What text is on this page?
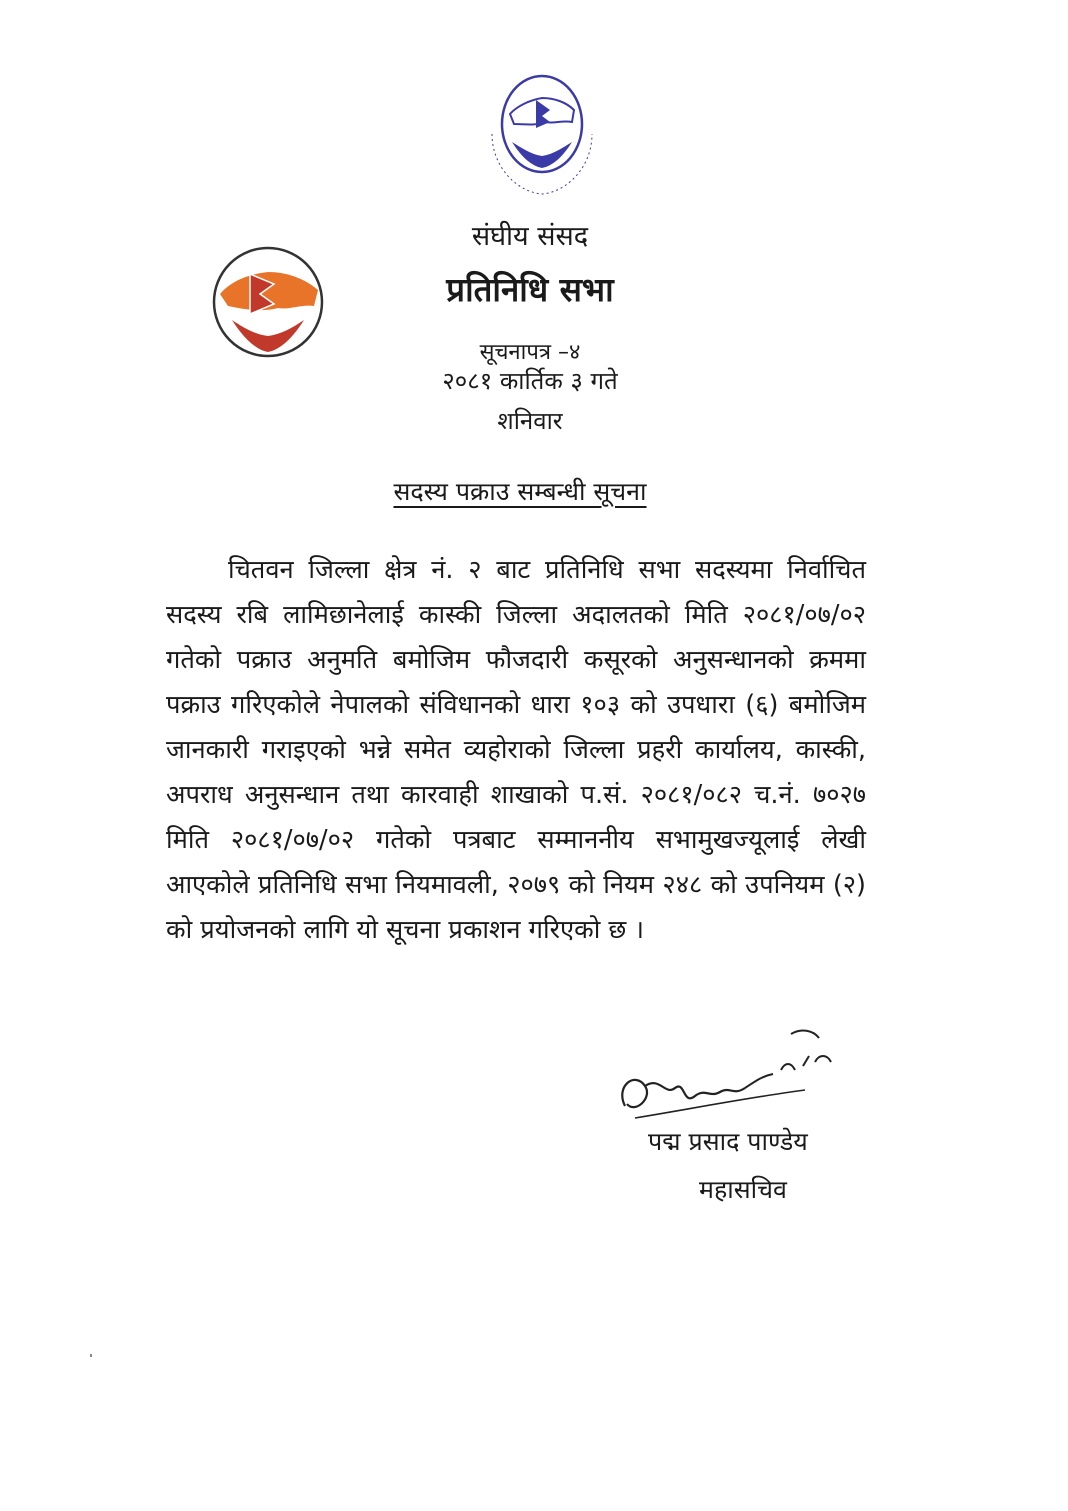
संघीय संसद
प्रतिनिधि सभा
सूचनापत्र –४
२०८१ कार्तिक ३ गते
शनिवार
सदस्य पक्राउ सम्बन्धी सूचना
चितवन जिल्ला क्षेत्र नं. २ बाट प्रतिनिधि सभा सदस्यमा निर्वाचित सदस्य रबि लामिछानेलाई कास्की जिल्ला अदालतको मिति २०८१/०७/०२ गतेको पक्राउ अनुमति बमोजिम फौजदारी कसूरको अनुसन्धानको क्रममा पक्राउ गरिएकोले नेपालको संविधानको धारा १०३ को उपधारा (६) बमोजिम जानकारी गराइएको भन्ने समेत व्यहोराको जिल्ला प्रहरी कार्यालय, कास्की, अपराध अनुसन्धान तथा कारवाही शाखाको प.सं. २०८१/०८२ च.नं. ७०२७ मिति २०८१/०७/०२ गतेको पत्रबाट सम्माननीय सभामुखज्यूलाई लेखी आएकोले प्रतिनिधि सभा नियमावली, २०७९ को नियम २४८ को उपनियम (२) को प्रयोजनको लागि यो सूचना प्रकाशन गरिएको छ ।
पद्म प्रसाद पाण्डेय
महासचिव
